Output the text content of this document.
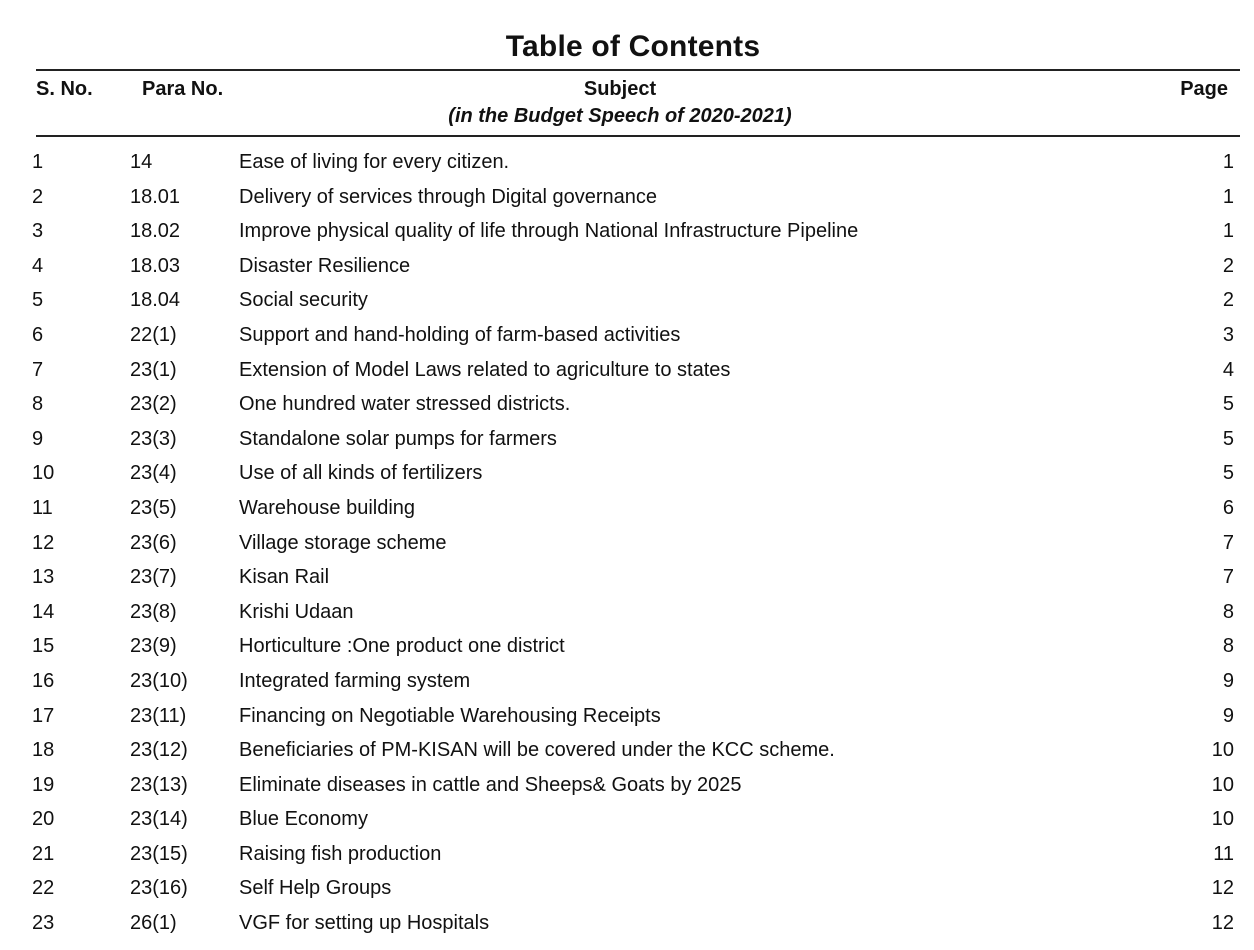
Table of Contents
S. No. Para No.	Subject	Page
(in the Budget Speech of 2020-2021)
1	14	Ease of living for every citizen.	1
2	18.01	Delivery of services through Digital governance	1
3	18.02	Improve physical quality of life through National Infrastructure Pipeline	1
4	18.03	Disaster Resilience	2
5	18.04	Social security	2
6	22(1)	Support and hand-holding of farm-based activities	3
7	23(1)	Extension of Model Laws related to agriculture to states	4
8	23(2)	One hundred water stressed districts.	5
9	23(3)	Standalone solar pumps for farmers	5
10	23(4)	Use of all kinds of fertilizers	5
11	23(5)	Warehouse building	6
12	23(6)	Village storage scheme	7
13	23(7)	Kisan Rail	7
14	23(8)	Krishi Udaan	8
15	23(9)	Horticulture :One product one district	8
16	23(10)	Integrated farming system	9
17	23(11)	Financing on Negotiable Warehousing Receipts	9
18	23(12)	Beneficiaries of PM-KISAN will be covered under the KCC scheme.	10
19	23(13)	Eliminate diseases in cattle and Sheeps& Goats by 2025	10
20	23(14)	Blue Economy	10
21	23(15)	Raising fish production	11
22	23(16)	Self Help Groups	12
23	26(1)	VGF for setting up Hospitals	12
